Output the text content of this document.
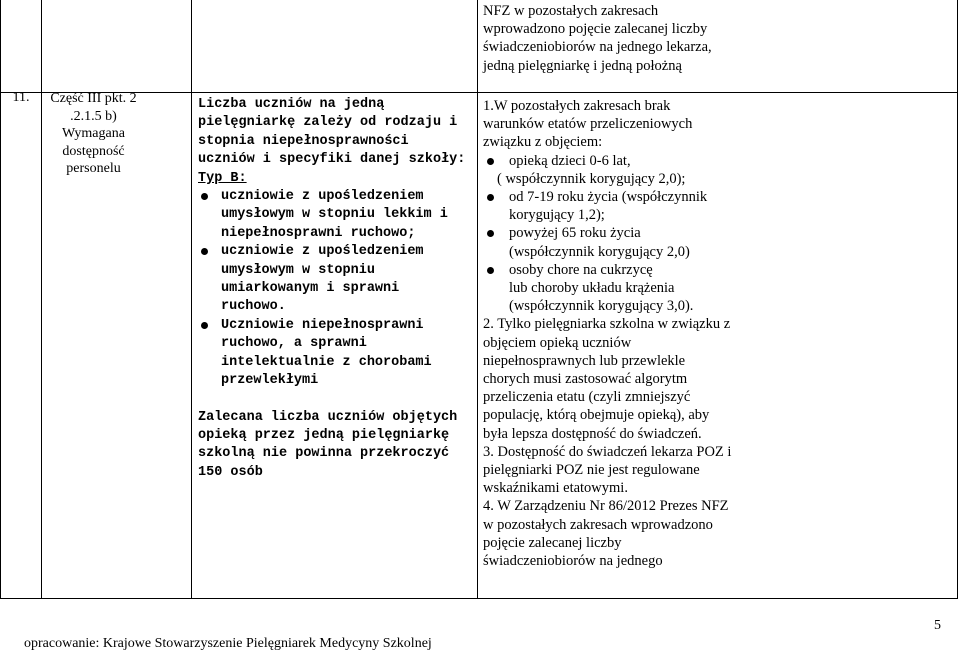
NFZ w pozostałych zakresach wprowadzono pojęcie zalecanej liczby świadczeniobiorów na jednego lekarza, jedną pielęgniarkę i jedną położną
11.	Część III pkt. 2 .2.1.5 b) Wymagana dostępność personelu

Liczba uczniów na jedną pielęgniarkę zależy od rodzaju i stopnia niepełnosprawności uczniów i specyfiki danej szkoły:

Typ B:

uczniowie z upośledzeniem umysłowym w stopniu lekkim i niepełnosprawni ruchowo;
uczniowie z upośledzeniem umysłowym w stopniu umiarkowanym i sprawni ruchowo.
Uczniowie niepełnosprawni ruchowo, a sprawni intelektualnie z chorobami przewlekłymi

Zalecana liczba uczniów objętych opieką przez jedną pielęgniarkę szkolną nie powinna przekroczyć 150 osób

1.W pozostałych zakresach brak warunków etatów przeliczeniowych związku z objęciem:

opieką dzieci 0-6 lat,
( współczynnik korygujący 2,0);
od 7-19 roku życia (współczynnik
korygujący 1,2);
powyżej 65 roku życia
(współczynnik korygujący 2,0)
osoby chore na cukrzycę
lub choroby układu krążenia
(współczynnik korygujący 3,0).

2. Tylko pielęgniarka szkolna w związku z objęciem opieką uczniów niepełnosprawnych lub przewlekle chorych musi zastosować algorytm przeliczenia etatu (czyli zmniejszyć populację, którą obejmuje opieką), aby była lepsza dostępność do świadczeń.

3. Dostępność do świadczeń lekarza POZ i pielęgniarki POZ nie jest regulowane wskaźnikami etatowymi.

4. W Zarządzeniu Nr 86/2012 Prezes NFZ w pozostałych zakresach wprowadzono pojęcie zalecanej liczby świadczeniobiorów na jednego

opracowanie: Krajowe Stowarzyszenie Pielęgniarek Medycyny Szkolnej
5
